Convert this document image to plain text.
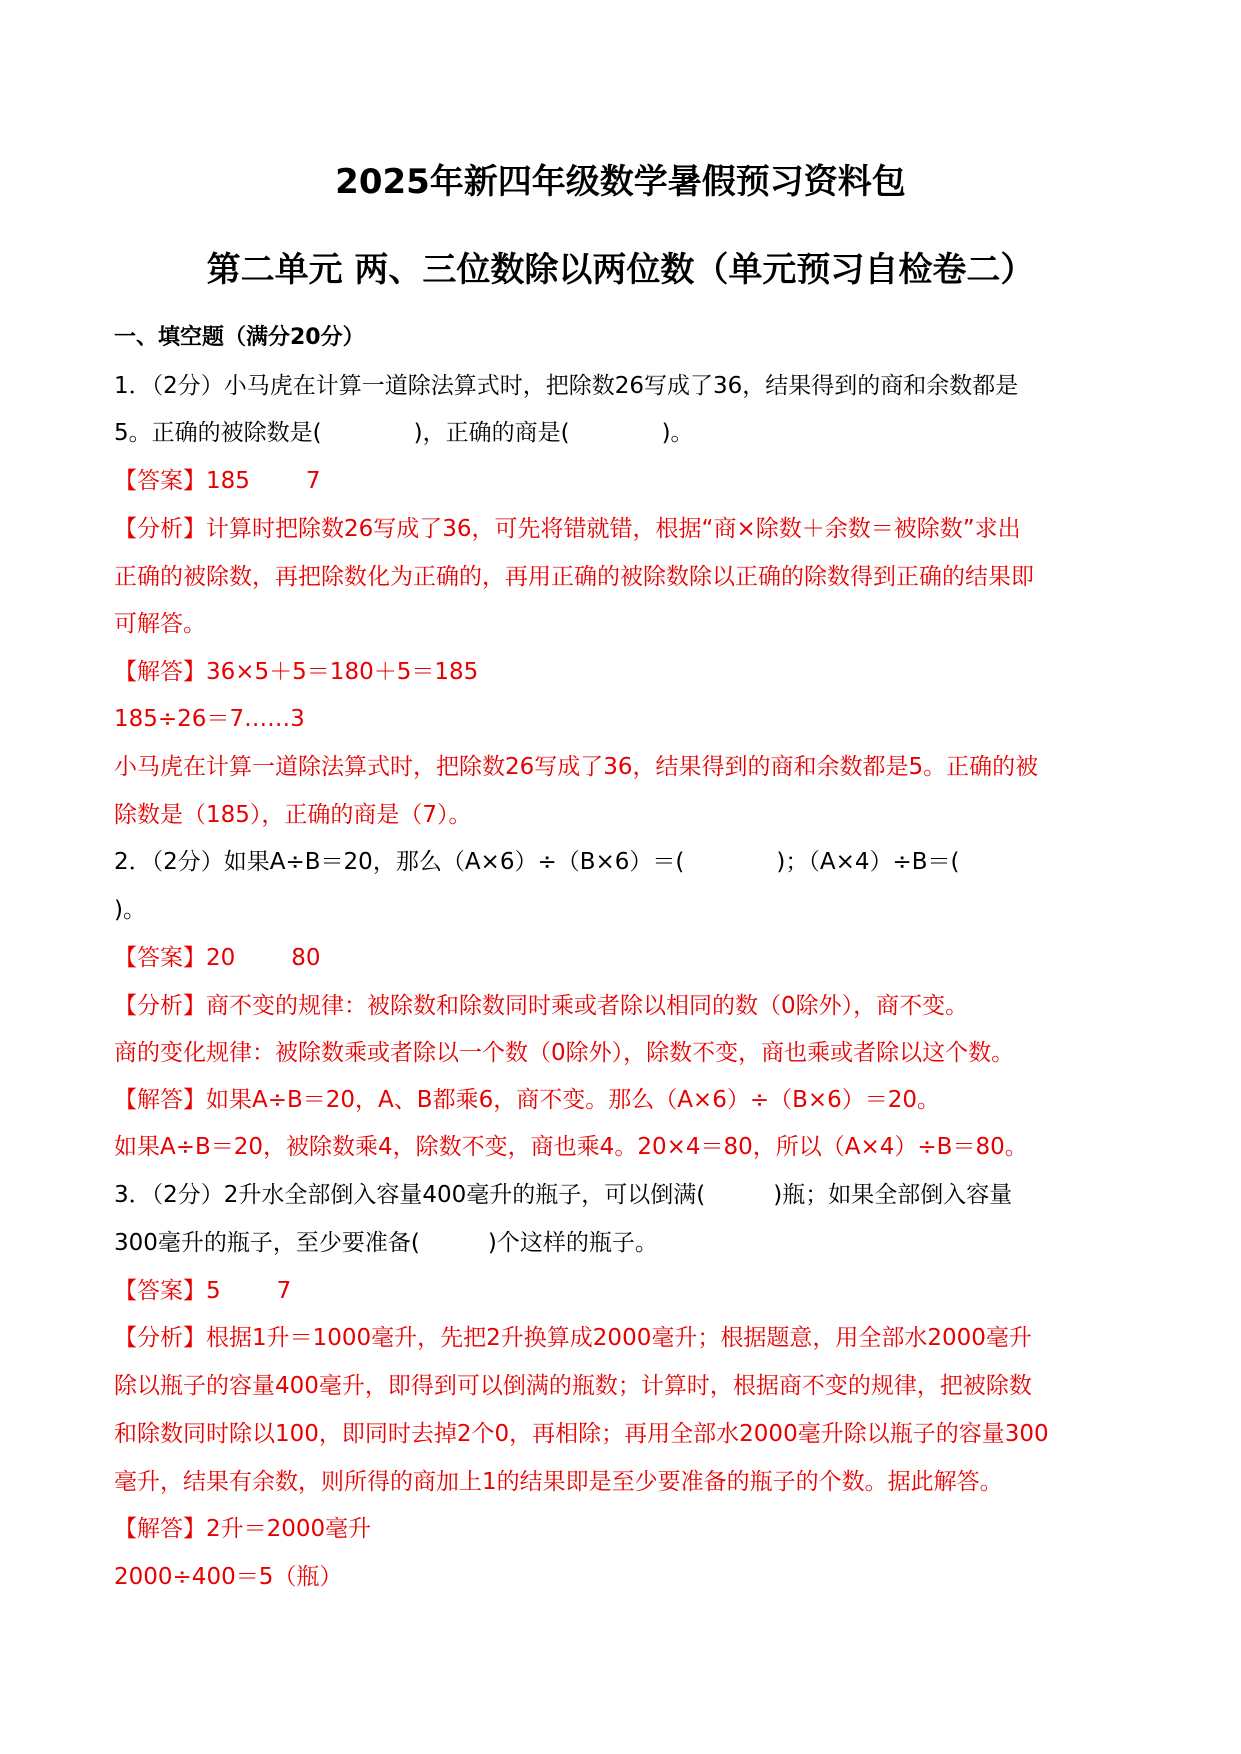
2025年新四年级数学暑假预习资料包
第二单元 两、三位数除以两位数（单元预习自检卷二）
一、填空题（满分20分）
1．（2分）小马虎在计算一道除法算式时，把除数26写成了36，结果得到的商和余数都是
5。正确的被除数是(	)，正确的商是(	)。
【答案】185 7
【分析】计算时把除数26写成了36，可先将错就错，根据“商×除数＋余数＝被除数”求出
正确的被除数，再把除数化为正确的，再用正确的被除数除以正确的除数得到正确的结果即
可解答。
【解答】36×5＋5＝180＋5＝185
185÷26＝7……3
小马虎在计算一道除法算式时，把除数26写成了36，结果得到的商和余数都是5。正确的被
除数是（185），正确的商是（7）。
2．（2分）如果A÷B＝20，那么（A×6）÷（B×6）＝(	)；（A×4）÷B＝(
)。
【答案】20 80
【分析】商不变的规律：被除数和除数同时乘或者除以相同的数（0除外），商不变。
商的变化规律：被除数乘或者除以一个数（0除外），除数不变，商也乘或者除以这个数。
【解答】如果A÷B＝20，A、B都乘6，商不变。那么（A×6）÷（B×6）＝20。
如果A÷B＝20，被除数乘4，除数不变，商也乘4。20×4＝80，所以（A×4）÷B＝80。
3．（2分）2升水全部倒入容量400毫升的瓶子，可以倒满(	)瓶；如果全部倒入容量
300毫升的瓶子，至少要准备(	)个这样的瓶子。
【答案】5 7
【分析】根据1升＝1000毫升，先把2升换算成2000毫升；根据题意，用全部水2000毫升
除以瓶子的容量400毫升，即得到可以倒满的瓶数；计算时，根据商不变的规律，把被除数
和除数同时除以100，即同时去掉2个0，再相除；再用全部水2000毫升除以瓶子的容量300
毫升，结果有余数，则所得的商加上1的结果即是至少要准备的瓶子的个数。据此解答。
【解答】2升＝2000毫升
2000÷400＝5（瓶）
